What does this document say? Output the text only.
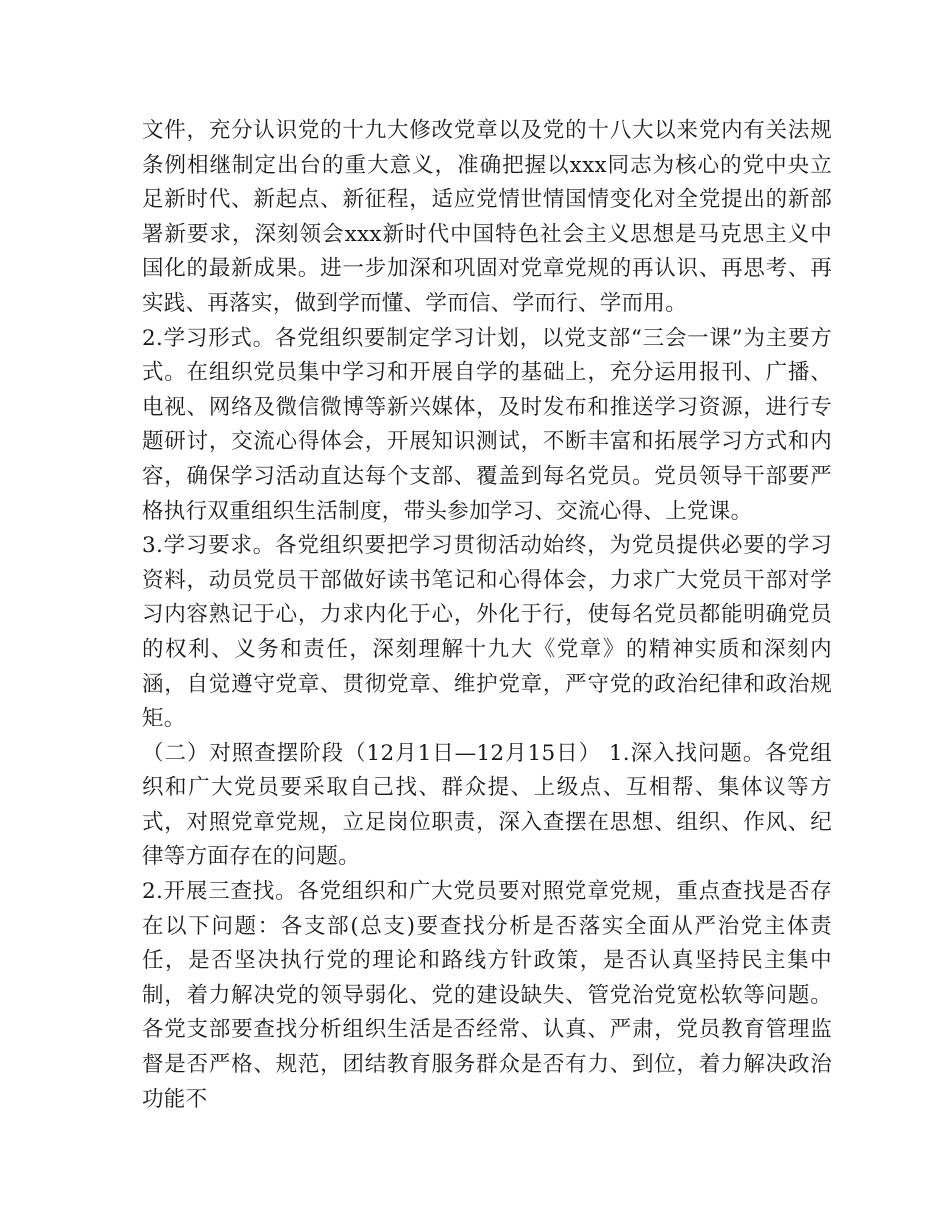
文件，充分认识党的十九大修改党章以及党的十八大以来党内有关法规条例相继制定出台的重大意义，准确把握以xxx同志为核心的党中央立足新时代、新起点、新征程，适应党情世情国情变化对全党提出的新部署新要求，深刻领会xxx新时代中国特色社会主义思想是马克思主义中国化的最新成果。进一步加深和巩固对党章党规的再认识、再思考、再实践、再落实，做到学而懂、学而信、学而行、学而用。

2.学习形式。各党组织要制定学习计划，以党支部“三会一课”为主要方式。在组织党员集中学习和开展自学的基础上，充分运用报刊、广播、电视、网络及微信微博等新兴媒体，及时发布和推送学习资源，进行专题研讨，交流心得体会，开展知识测试，不断丰富和拓展学习方式和内容，确保学习活动直达每个支部、覆盖到每名党员。党员领导干部要严格执行双重组织生活制度，带头参加学习、交流心得、上党课。

3.学习要求。各党组织要把学习贯彻活动始终，为党员提供必要的学习资料，动员党员干部做好读书笔记和心得体会，力求广大党员干部对学习内容熟记于心，力求内化于心，外化于行，使每名党员都能明确党员的权利、义务和责任，深刻理解十九大《党章》的精神实质和深刻内涵，自觉遵守党章、贯彻党章、维护党章，严守党的政治纪律和政治规矩。

（二）对照查摆阶段（12月1日—12月15日） 1.深入找问题。各党组织和广大党员要采取自己找、群众提、上级点、互相帮、集体议等方式，对照党章党规，立足岗位职责，深入查摆在思想、组织、作风、纪律等方面存在的问题。

2.开展三查找。各党组织和广大党员要对照党章党规，重点查找是否存在以下问题：各支部(总支)要查找分析是否落实全面从严治党主体责任，是否坚决执行党的理论和路线方针政策，是否认真坚持民主集中制，着力解决党的领导弱化、党的建设缺失、管党治党宽松软等问题。各党支部要查找分析组织生活是否经常、认真、严肃，党员教育管理监督是否严格、规范，团结教育服务群众是否有力、到位，着力解决政治功能不
